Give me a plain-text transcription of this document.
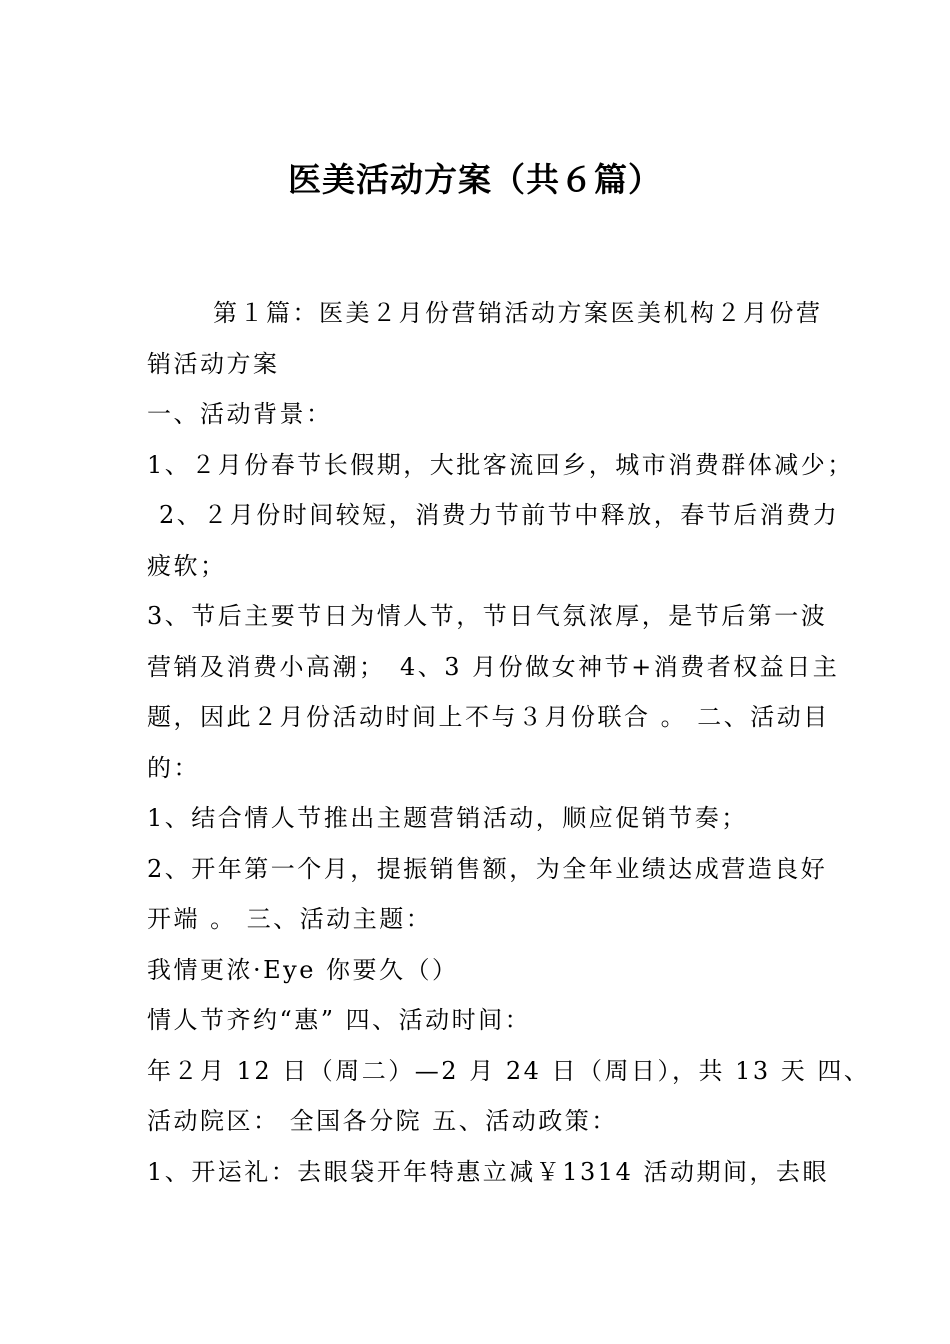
医美活动方案（共６篇）
第１篇：医美２月份营销活动方案医美机构２月份营
销活动方案
一、活动背景：
1、２月份春节长假期，大批客流回乡，城市消费群体减少；
2、２月份时间较短，消费力节前节中释放，春节后消费力
疲软；
3、节后主要节日为情人节，节日气氛浓厚，是节后第一波
营销及消费小高潮；　4、3 月份做女神节+消费者权益日主
题，因此２月份活动时间上不与３月份联合 。 二、活动目
的：
1、结合情人节推出主题营销活动，顺应促销节奏；
2、开年第一个月，提振销售额，为全年业绩达成营造良好
开端 。 三、活动主题：
我情更浓·Eye 你要久（）
情人节齐约“惠” 四、活动时间：
年２月 12 日（周二）—2 月 24 日（周日），共 13 天 四、
活动院区： 全国各分院 五、活动政策：
1、开运礼：去眼袋开年特惠立减￥1314 活动期间，去眼
